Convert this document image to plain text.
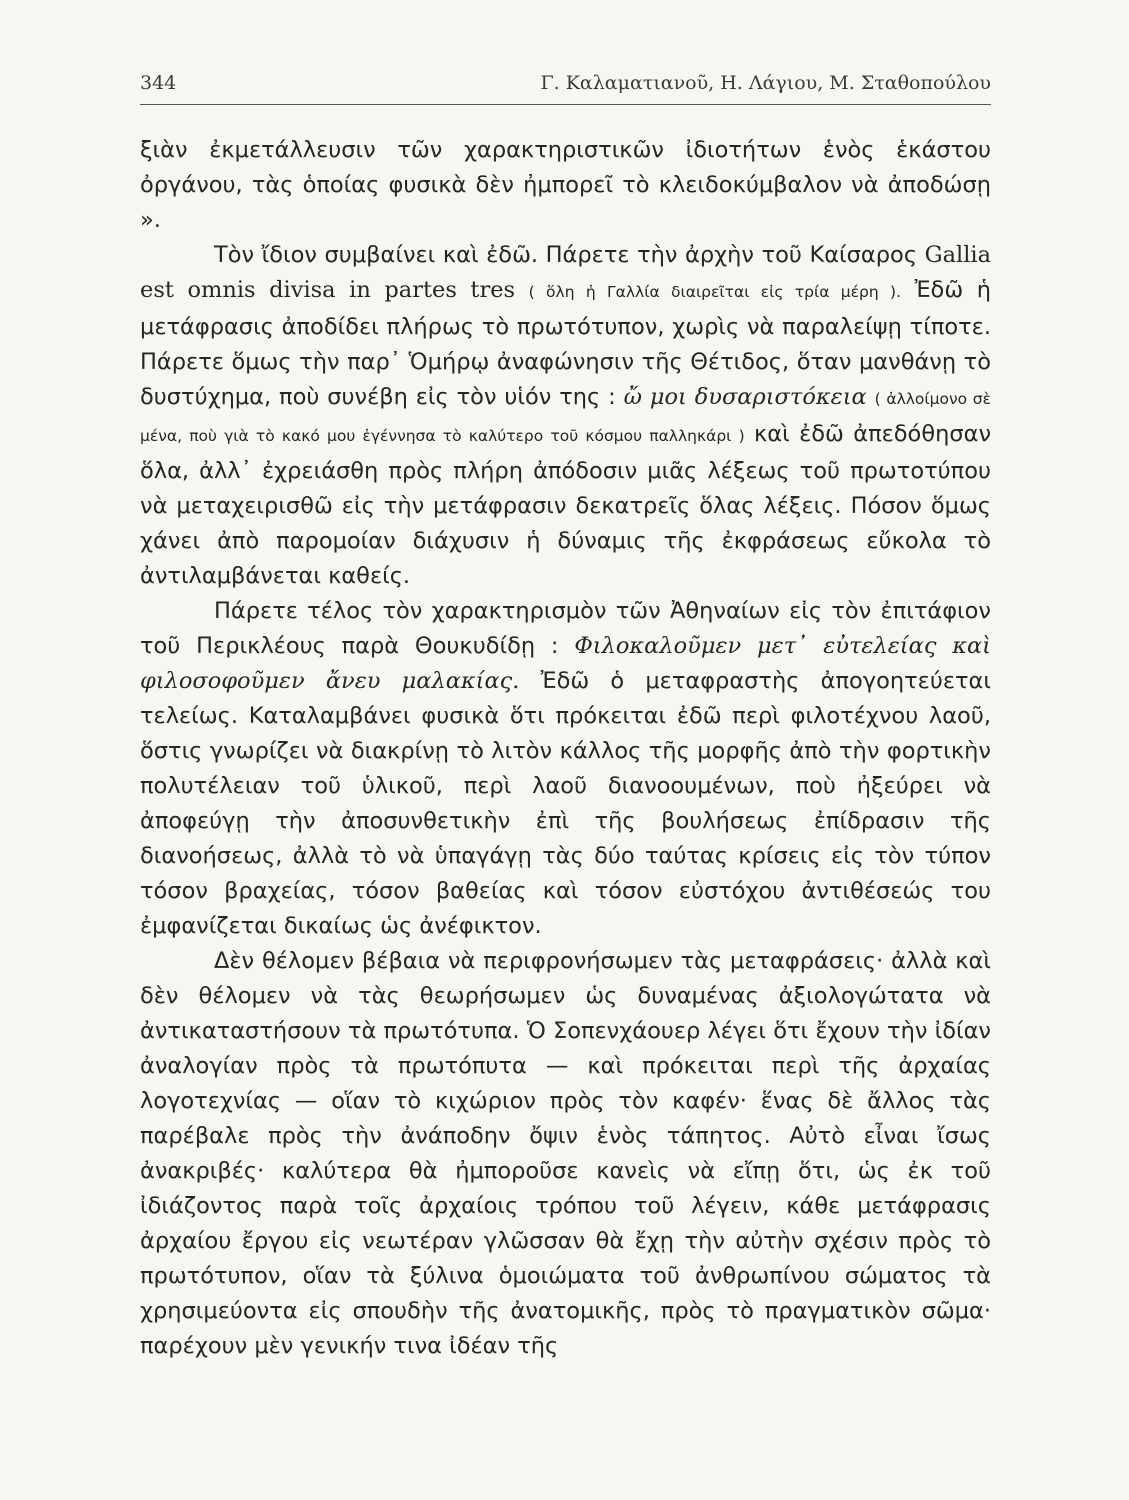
344	Γ. Καλαματιανοῦ, Η. Λάγιου, Μ. Σταθοπούλου

ξιὰν ἐκμετάλλευσιν τῶν χαρακτηριστικῶν ἰδιοτήτων ἑνὸς ἑκάστου ὀργάνου, τὰς ὁποίας φυσικὰ δὲν ἠμπορεῖ τὸ κλειδοκύμβαλον νὰ ἀποδώσῃ ».

Τὸν ἴδιον συμβαίνει καὶ ἐδῶ. Πάρετε τὴν ἀρχὴν τοῦ Καίσαρος Gallia est omnis divisa in partes tres ( ὅλη ἡ Γαλλία διαιρεῖται εἰς τρία μέρη ). Ἐδῶ ἡ μετάφρασις ἀποδίδει πλήρως τὸ πρωτότυπον, χωρὶς νὰ παραλείψῃ τίποτε. Πάρετε ὅμως τὴν παρ᾽ Ὁμήρῳ ἀναφώνησιν τῆς Θέτιδος, ὅταν μανθάνῃ τὸ δυστύχημα, ποὺ συνέβη εἰς τὸν υἱόν της : ὤ μοι δυσαριστόκεια ( ἀλλοίμονο σὲ μένα, ποὺ γιὰ τὸ κακό μου ἐγέννησα τὸ καλύτερο τοῦ κόσμου παλληκάρι ) καὶ ἐδῶ ἀπεδόθησαν ὅλα, ἀλλ᾽ ἐχρειάσθη πρὸς πλήρη ἀπόδοσιν μιᾶς λέξεως τοῦ πρωτοτύπου νὰ μεταχειρισθῶ εἰς τὴν μετάφρασιν δεκατρεῖς ὅλας λέξεις. Πόσον ὅμως χάνει ἀπὸ παρομοίαν διάχυσιν ἡ δύναμις τῆς ἐκφράσεως εὔκολα τὸ ἀντιλαμβάνεται καθείς.

Πάρετε τέλος τὸν χαρακτηρισμὸν τῶν Ἀθηναίων εἰς τὸν ἐπιτάφιον τοῦ Περικλέους παρὰ Θουκυδίδῃ : Φιλοκαλοῦμεν μετ᾽ εὐτελείας καὶ φιλοσοφοῦμεν ἄνευ μαλακίας. Ἐδῶ ὁ μεταφραστὴς ἀπογοητεύεται τελείως. Καταλαμβάνει φυσικὰ ὅτι πρόκειται ἐδῶ περὶ φιλοτέχνου λαοῦ, ὅστις γνωρίζει νὰ διακρίνῃ τὸ λιτὸν κάλλος τῆς μορφῆς ἀπὸ τὴν φορτικὴν πολυτέλειαν τοῦ ὑλικοῦ, περὶ λαοῦ διανοουμένων, ποὺ ἠξεύρει νὰ ἀποφεύγῃ τὴν ἀποσυνθετικὴν ἐπὶ τῆς βουλήσεως ἐπίδρασιν τῆς διανοήσεως, ἀλλὰ τὸ νὰ ὑπαγάγῃ τὰς δύο ταύτας κρίσεις εἰς τὸν τύπον τόσον βραχείας, τόσον βαθείας καὶ τόσον εὐστόχου ἀντιθέσεώς του ἐμφανίζεται δικαίως ὡς ἀνέφικτον.

Δὲν θέλομεν βέβαια νὰ περιφρονήσωμεν τὰς μεταφράσεις· ἀλλὰ καὶ δὲν θέλομεν νὰ τὰς θεωρήσωμεν ὡς δυναμένας ἀξιολογώτατα νὰ ἀντικαταστήσουν τὰ πρωτότυπα. Ὁ Σοπενχάουερ λέγει ὅτι ἔχουν τὴν ἰδίαν ἀναλογίαν πρὸς τὰ πρωτόπυτα — καὶ πρόκειται περὶ τῆς ἀρχαίας λογοτεχνίας — οἵαν τὸ κιχώριον πρὸς τὸν καφέν· ἕνας δὲ ἄλλος τὰς παρέβαλε πρὸς τὴν ἀνάποδην ὄψιν ἑνὸς τάπητος. Αὐτὸ εἶναι ἴσως ἀνακριβές· καλύτερα θὰ ἠμποροῦσε κανεὶς νὰ εἴπῃ ὅτι, ὡς ἐκ τοῦ ἰδιάζοντος παρὰ τοῖς ἀρχαίοις τρόπου τοῦ λέγειν, κάθε μετάφρασις ἀρχαίου ἔργου εἰς νεωτέραν γλῶσσαν θὰ ἔχῃ τὴν αὐτὴν σχέσιν πρὸς τὸ πρωτότυπον, οἵαν τὰ ξύλινα ὁμοιώματα τοῦ ἀνθρωπίνου σώματος τὰ χρησιμεύοντα εἰς σπουδὴν τῆς ἀνατομικῆς, πρὸς τὸ πραγματικὸν σῶμα· παρέχουν μὲν γενικήν τινα ἰδέαν τῆς
